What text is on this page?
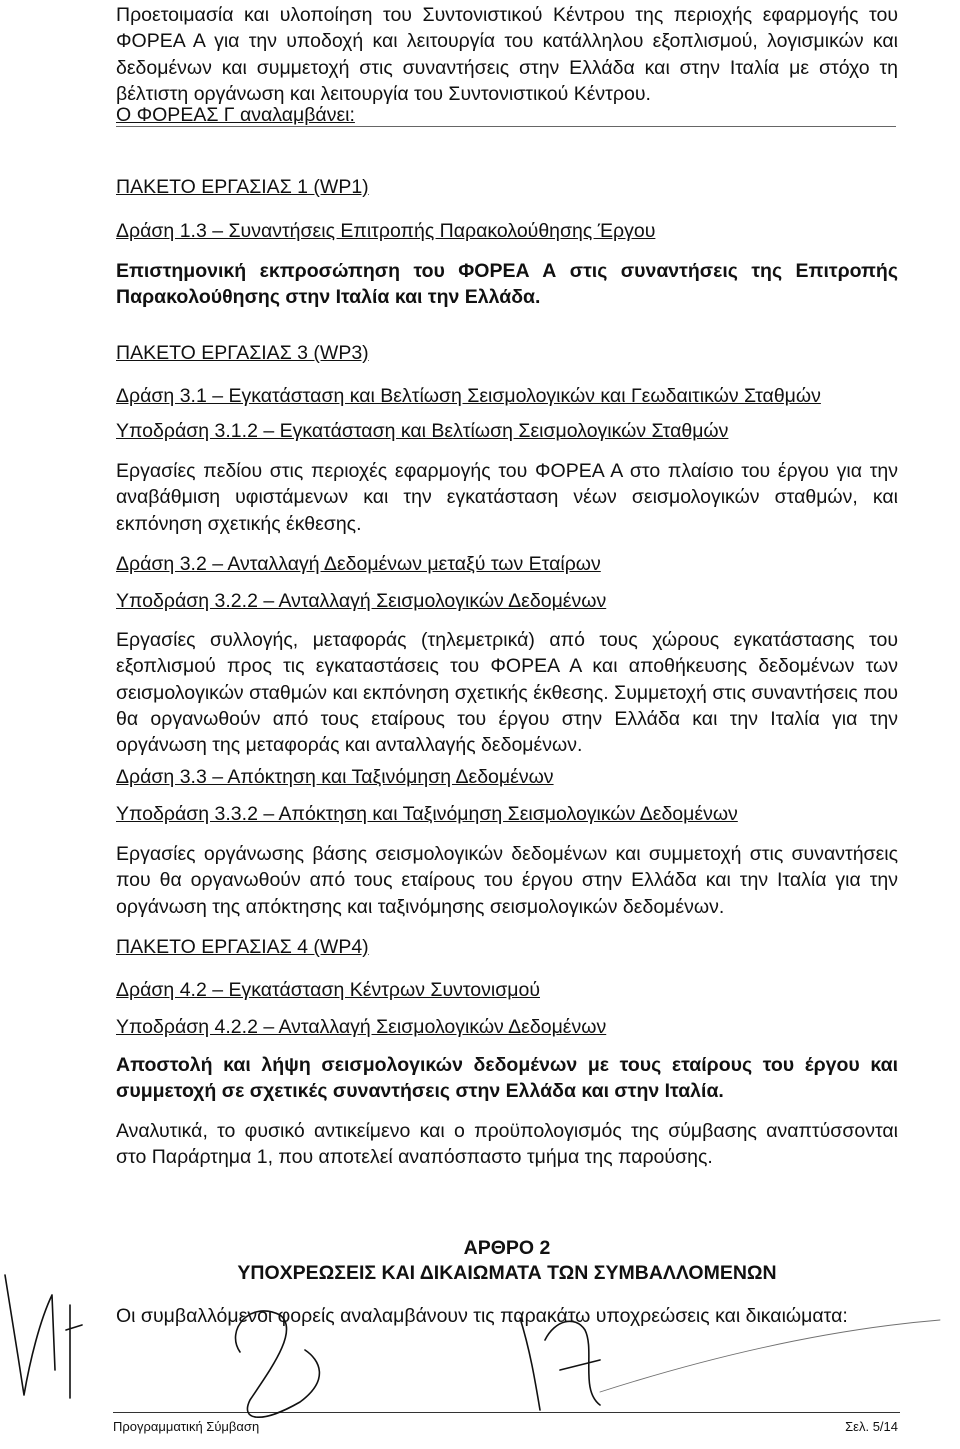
Προετοιμασία και υλοποίηση του Συντονιστικού Κέντρου της περιοχής εφαρμογής του ΦΟΡΕΑ Α για την υποδοχή και λειτουργία του κατάλληλου εξοπλισμού, λογισμικών και δεδομένων και συμμετοχή στις συναντήσεις στην Ελλάδα και στην Ιταλία με στόχο τη βέλτιστη οργάνωση και λειτουργία του Συντονιστικού Κέντρου.

Ο ΦΟΡΕΑΣ Γ αναλαμβάνει:
ΠΑΚΕΤΟ ΕΡΓΑΣΙΑΣ 1 (WP1)
Δράση 1.3 – Συναντήσεις Επιτροπής Παρακολούθησης Έργου

Επιστημονική εκπροσώπηση του ΦΟΡΕΑ Α στις συναντήσεις της Επιτροπής Παρακολούθησης στην Ιταλία και την Ελλάδα.

ΠΑΚΕΤΟ ΕΡΓΑΣΙΑΣ 3 (WP3)
Δράση 3.1 – Εγκατάσταση και Βελτίωση Σεισμολογικών και Γεωδαιτικών Σταθμών
Υποδράση 3.1.2 – Εγκατάσταση και Βελτίωση Σεισμολογικών Σταθμών

Εργασίες πεδίου στις περιοχές εφαρμογής του ΦΟΡΕΑ Α στο πλαίσιο του έργου για την αναβάθμιση υφιστάμενων και την εγκατάσταση νέων σεισμολογικών σταθμών, και εκπόνηση σχετικής έκθεσης.

Δράση 3.2 – Ανταλλαγή Δεδομένων μεταξύ των Εταίρων
Υποδράση 3.2.2 – Ανταλλαγή Σεισμολογικών Δεδομένων

Εργασίες συλλογής, μεταφοράς (τηλεμετρικά) από τους χώρους εγκατάστασης του εξοπλισμού προς τις εγκαταστάσεις του ΦΟΡΕΑ Α και αποθήκευσης δεδομένων των σεισμολογικών σταθμών και εκπόνηση σχετικής έκθεσης. Συμμετοχή στις συναντήσεις που θα οργανωθούν από τους εταίρους του έργου στην Ελλάδα και την Ιταλία για την οργάνωση της μεταφοράς και ανταλλαγής δεδομένων.

Δράση 3.3 – Απόκτηση και Ταξινόμηση Δεδομένων
Υποδράση 3.3.2 – Απόκτηση και Ταξινόμηση Σεισμολογικών Δεδομένων

Εργασίες οργάνωσης βάσης σεισμολογικών δεδομένων και συμμετοχή στις συναντήσεις που θα οργανωθούν από τους εταίρους του έργου στην Ελλάδα και την Ιταλία για την οργάνωση της απόκτησης και ταξινόμησης σεισμολογικών δεδομένων.

ΠΑΚΕΤΟ ΕΡΓΑΣΙΑΣ 4 (WP4)
Δράση 4.2 – Εγκατάσταση Κέντρων Συντονισμού
Υποδράση 4.2.2 – Ανταλλαγή Σεισμολογικών Δεδομένων

Αποστολή και λήψη σεισμολογικών δεδομένων με τους εταίρους του έργου και συμμετοχή σε σχετικές συναντήσεις στην Ελλάδα και στην Ιταλία.

Αναλυτικά, το φυσικό αντικείμενο και ο προϋπολογισμός της σύμβασης αναπτύσσονται στο Παράρτημα 1, που αποτελεί αναπόσπαστο τμήμα της παρούσης.

ΑΡΘΡΟ 2
ΥΠΟΧΡΕΩΣΕΙΣ ΚΑΙ ΔΙΚΑΙΩΜΑΤΑ ΤΩΝ ΣΥΜΒΑΛΛΟΜΕΝΩΝ

Οι συμβαλλόμενοι φορείς αναλαμβάνουν τις παρακάτω υποχρεώσεις και δικαιώματα:

Προγραμματική Σύμβαση	Σελ. 5/14
